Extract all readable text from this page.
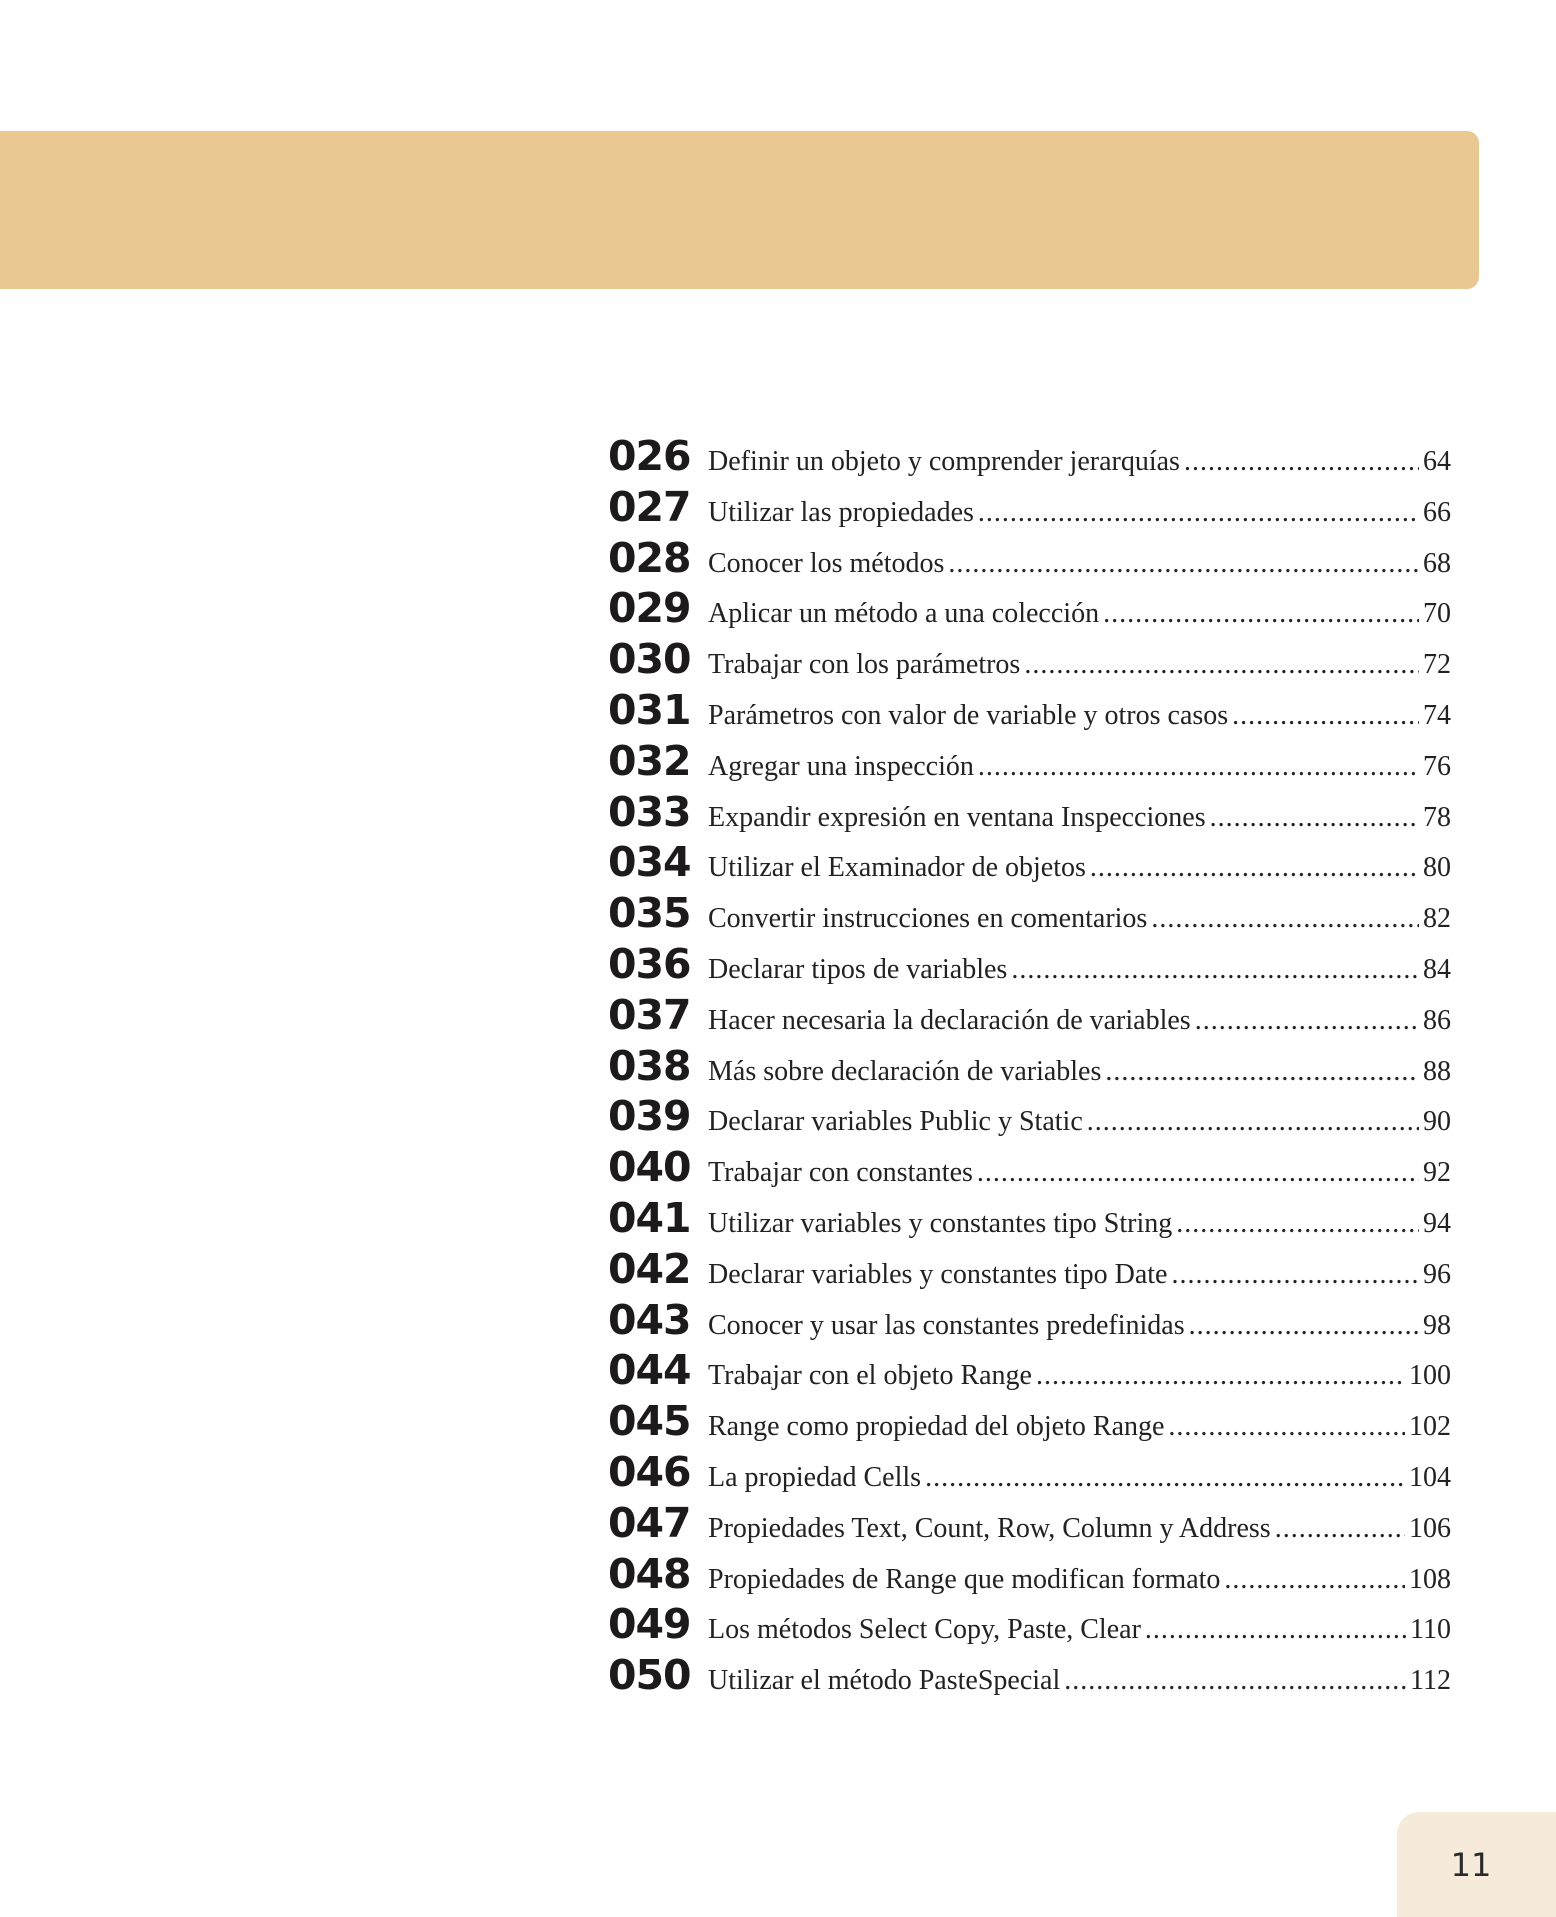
026 Definir un objeto y comprender jerarquías .....	64
027 Utilizar las propiedades .....	66
028 Conocer los métodos .....	68
029 Aplicar un método a una colección .....	70
030 Trabajar con los parámetros .....	72
031 Parámetros con valor de variable y otros casos .....	74
032 Agregar una inspección .....	76
033 Expandir expresión en ventana Inspecciones .....	78
034 Utilizar el Examinador de objetos .....	80
035 Convertir instrucciones en comentarios .....	82
036 Declarar tipos de variables .....	84
037 Hacer necesaria la declaración de variables .....	86
038 Más sobre declaración de variables .....	88
039 Declarar variables Public y Static .....	90
040 Trabajar con constantes .....	92
041 Utilizar variables y constantes tipo String .....	94
042 Declarar variables y constantes tipo Date .....	96
043 Conocer y usar las constantes predefinidas .....	98
044 Trabajar con el objeto Range .....	100
045 Range como propiedad del objeto Range .....	102
046 La propiedad Cells .....	104
047 Propiedades Text, Count, Row, Column y Address .....	106
048 Propiedades de Range que modifican formato .....	108
049 Los métodos Select Copy, Paste, Clear .....	110
050 Utilizar el método PasteSpecial .....	112
11
